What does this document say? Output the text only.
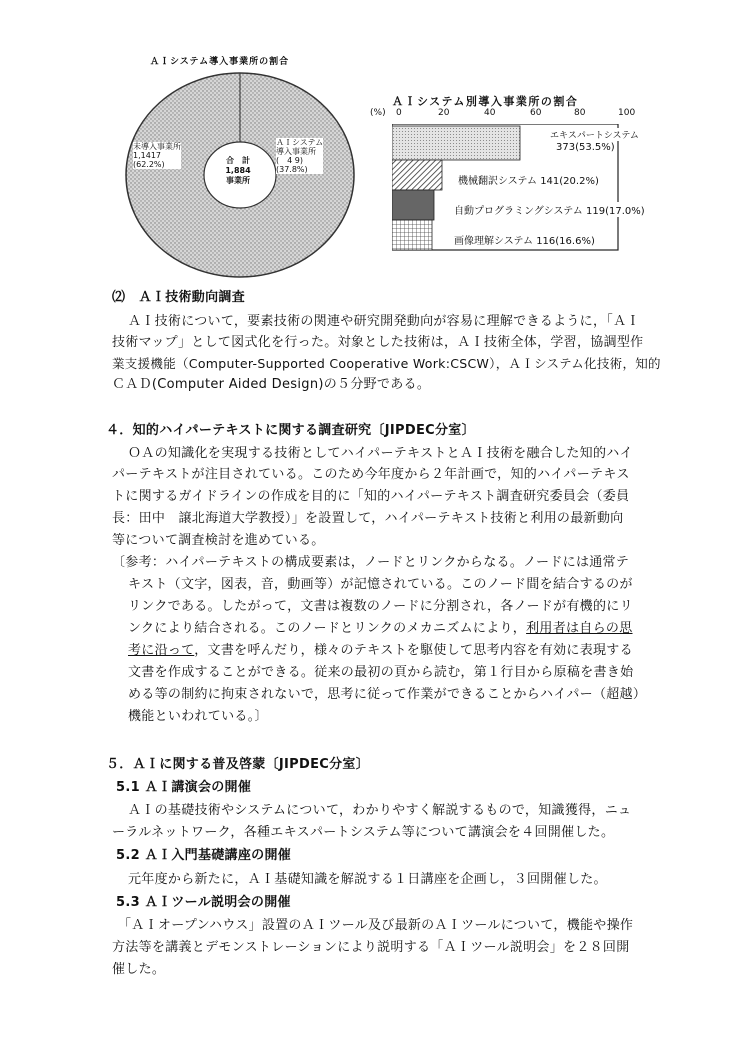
ＡＩシステム導入事業所の割合
合　計
1,884
事業所
未導入事業所
1,1417
(62.2%)
ＡＩシステム
導入事業所
(　4 9)
(37.8%)
ＡＩシステム別導入事業所の割合
(%) 0	20	40	60	80	100
エキスパートシステム
373(53.5%)
機械翻訳システム 141(20.2%)
自動プログラミングシステム 119(17.0%)
画像理解システム 116(16.6%)
⑵　ＡＩ技術動向調査
ＡＩ技術について，要素技術の関連や研究開発動向が容易に理解できるように，「ＡＩ
技術マップ」として図式化を行った。対象とした技術は，ＡＩ技術全体，学習，協調型作
業支援機能（Computer-Supported Cooperative Work:CSCW），ＡＩシステム化技術，知的
ＣＡＤ(Computer Aided Design)の５分野である。
４．知的ハイパーテキストに関する調査研究〔JIPDEC分室〕
ＯＡの知識化を実現する技術としてハイパーテキストとＡＩ技術を融合した知的ハイ
パーテキストが注目されている。このため今年度から２年計画で，知的ハイパーテキス
トに関するガイドラインの作成を目的に「知的ハイパーテキスト調査研究委員会（委員
長：田中　譲北海道大学教授）」を設置して，ハイパーテキスト技術と利用の最新動向
等について調査検討を進めている。
〔参考：ハイパーテキストの構成要素は，ノードとリンクからなる。ノードには通常テ
キスト（文字，図表，音，動画等）が記憶されている。このノード間を結合するのが
リンクである。したがって，文書は複数のノードに分割され，各ノードが有機的にリ
ンクにより結合される。このノードとリンクのメカニズムにより，利用者は自らの思
考に沿って，文書を呼んだり，様々のテキストを駆使して思考内容を有効に表現する
文書を作成することができる。従来の最初の頁から読む，第１行目から原稿を書き始
める等の制約に拘束されないで，思考に従って作業ができることからハイパー（超越）
機能といわれている。〕
５．ＡＩに関する普及啓蒙〔JIPDEC分室〕
5.1 ＡＩ講演会の開催
ＡＩの基礎技術やシステムについて，わかりやすく解説するもので，知識獲得，ニュ
ーラルネットワーク，各種エキスパートシステム等について講演会を４回開催した。
5.2 ＡＩ入門基礎講座の開催
元年度から新たに，ＡＩ基礎知識を解説する１日講座を企画し，３回開催した。
5.3 ＡＩツール説明会の開催
「ＡＩオープンハウス」設置のＡＩツール及び最新のＡＩツールについて，機能や操作
方法等を講義とデモンストレーションにより説明する「ＡＩツール説明会」を２８回開
催した。
